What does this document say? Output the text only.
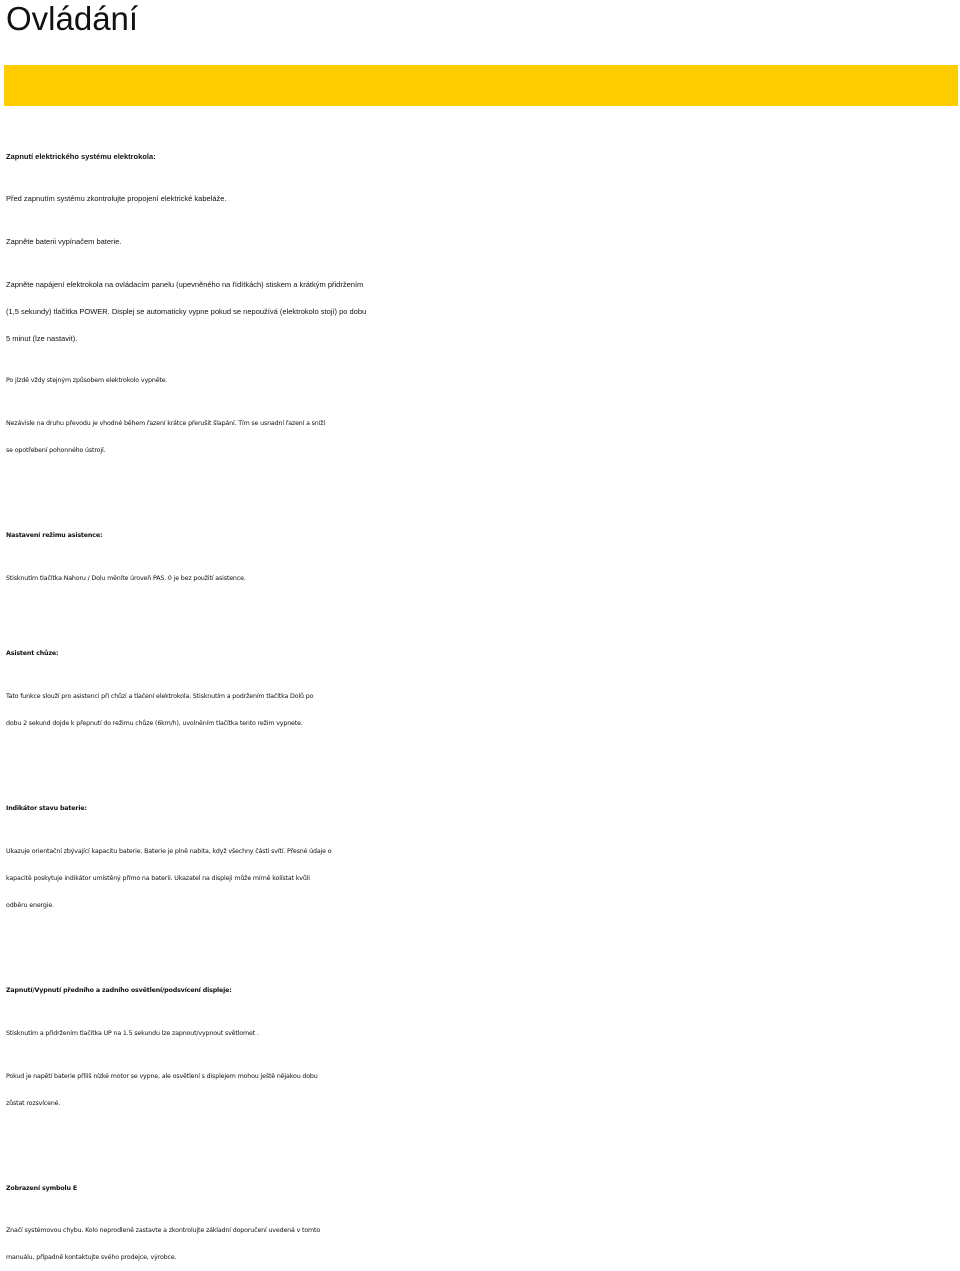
Ovládání

Zapnutí elektrického systému elektrokola:

Před zapnutím systému zkontrolujte propojení elektrické kabeláže.

Zapněte baterii vypínačem baterie.

Zapněte napájení elektrokola na ovládacím panelu (upevněného na řídítkách) stiskem a krátkým přidržením

(1,5 sekundy) tlačítka POWER. Displej se automaticky vypne pokud se nepoužívá (elektrokolo stojí) po dobu

5 minut (lze nastavit).

Po jízdě vždy stejným způsobem elektrokolo vypněte.

Nezávisle na druhu převodu je vhodné během řazení krátce přerušit šlapání. Tím se usnadní řazení a sníží

se opotřebení pohonného ústrojí.

Nastavení režimu asistence:

Stisknutím tlačítka Nahoru / Dolu měníte úroveň PAS. 0 je bez použití asistence.

Asistent chůze:

Tato funkce slouží pro asistenci při chůzi a tlačení elektrokola. Stisknutím a podržením tlačítka Dolů po

dobu 2 sekund dojde k přepnutí do režimu chůze (6km/h), uvolněním tlačítka tento režim vypnete.

Indikátor stavu baterie:

Ukazuje orientační zbývající kapacitu baterie. Baterie je plně nabita, když všechny části svítí. Přesné údaje o

kapacitě poskytuje indikátor umístěný přímo na baterii. Ukazatel na displeji může mírně kolístat kvůli

odběru energie.

Zapnutí/Vypnutí předního a zadního osvětlení/podsvícení displeje:

Stisknutím a přidržením tlačítka UP na 1.5 sekundu lze zapnout/vypnout světlomet .

Pokud je napětí baterie příliš nízké motor se vypne, ale osvětlení s displejem mohou ještě nějakou dobu

zůstat rozsvícené.

Zobrazení symbolu E

Značí systémovou chybu. Kolo neprodleně zastavte a zkontrolujte základní doporučení uvedená v tomto

manuálu, případně kontaktujte svého prodejce, výrobce.
